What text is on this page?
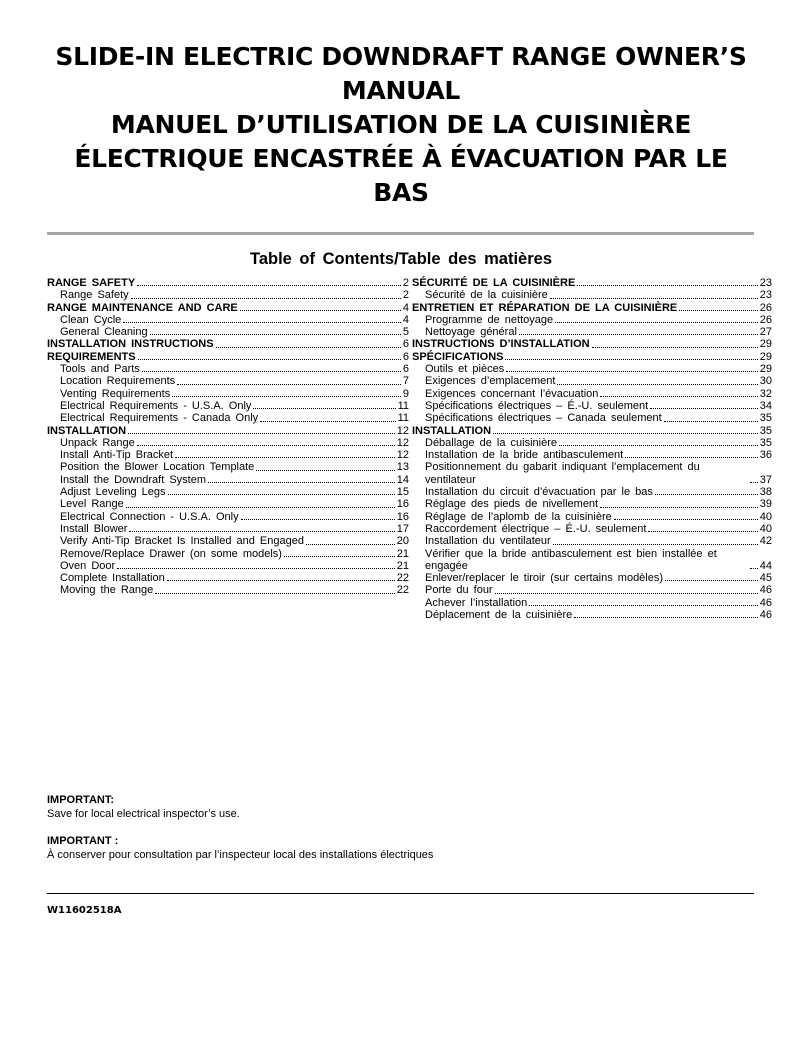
SLIDE-IN ELECTRIC DOWNDRAFT RANGE OWNER’S
MANUAL
MANUEL D’UTILISATION DE LA CUISINIÈRE
ÉLECTRIQUE ENCASTRÉE À ÉVACUATION PAR LE
BAS
Table of Contents/Table des matières
RANGE SAFETY	2
Range Safety	2
RANGE MAINTENANCE AND CARE	4
Clean Cycle	4
General Cleaning	5
INSTALLATION INSTRUCTIONS	6
REQUIREMENTS	6
Tools and Parts	6
Location Requirements	7
Venting Requirements	9
Electrical Requirements - U.S.A. Only	11
Electrical Requirements - Canada Only	11
INSTALLATION	12
Unpack Range	12
Install Anti-Tip Bracket	12
Position the Blower Location Template	13
Install the Downdraft System	14
Adjust Leveling Legs	15
Level Range	16
Electrical Connection - U.S.A. Only	16
Install Blower	17
Verify Anti-Tip Bracket Is Installed and Engaged	20
Remove/Replace Drawer (on some models)	21
Oven Door	21
Complete Installation	22
Moving the Range	22
SÉCURITÉ DE LA CUISINIÈRE	23
Sécurité de la cuisinière	23
ENTRETIEN ET RÉPARATION DE LA CUISINIÈRE	26
Programme de nettoyage	26
Nettoyage général	27
INSTRUCTIONS D’INSTALLATION	29
SPÉCIFICATIONS	29
Outils et pièces	29
Exigences d’emplacement	30
Exigences concernant l’évacuation	32
Spécifications électriques – É.-U. seulement	34
Spécifications électriques – Canada seulement	35
INSTALLATION	35
Déballage de la cuisinière	35
Installation de la bride antibasculement	36
Positionnement du gabarit indiquant l’emplacement du ventilateur	37
Installation du circuit d’évacuation par le bas	38
Réglage des pieds de nivellement	39
Réglage de l’aplomb de la cuisinière	40
Raccordement électrique – É.-U. seulement	40
Installation du ventilateur	42
Vérifier que la bride antibasculement est bien installée et engagée	44
Enlever/replacer le tiroir (sur certains modèles)	45
Porte du four	46
Achever l’installation	46
Déplacement de la cuisinière	46
IMPORTANT:
Save for local electrical inspector’s use.
IMPORTANT :
À conserver pour consultation par l’inspecteur local des installations électriques
W11602518A
